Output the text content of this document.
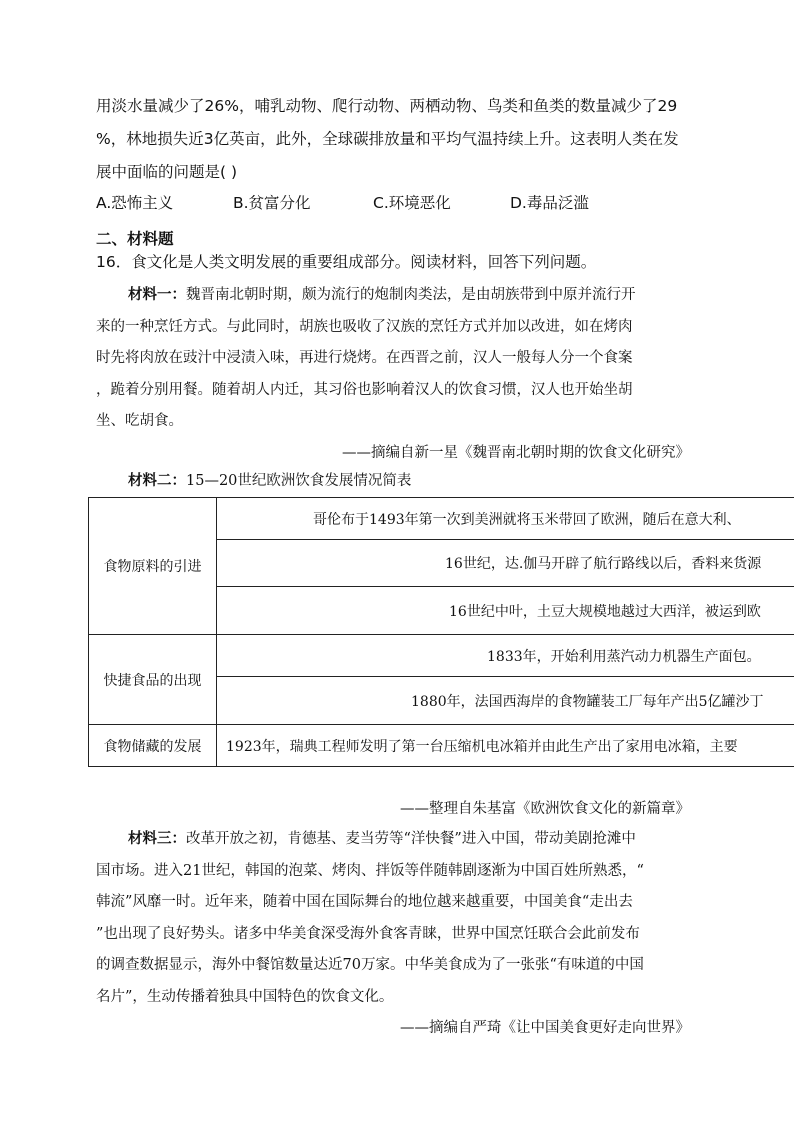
用淡水量减少了26%，哺乳动物、爬行动物、两栖动物、鸟类和鱼类的数量减少了29
%，林地损失近3亿英亩，此外，全球碳排放量和平均气温持续上升。这表明人类在发
展中面临的问题是( )
A.恐怖主义	B.贫富分化	C.环境恶化	D.毒品泛滥
二、材料题
16．食文化是人类文明发展的重要组成部分。阅读材料，回答下列问题。
材料一：魏晋南北朝时期，颇为流行的炮制肉类法，是由胡族带到中原并流行开
来的一种烹饪方式。与此同时，胡族也吸收了汉族的烹饪方式并加以改进，如在烤肉
时先将肉放在豉汁中浸渍入味，再进行烧烤。在西晋之前，汉人一般每人分一个食案
，跪着分别用餐。随着胡人内迁，其习俗也影响着汉人的饮食习惯，汉人也开始坐胡
坐、吃胡食。
——摘编自新一星《魏晋南北朝时期的饮食文化研究》
材料二：15—20世纪欧洲饮食发展情况简表
食物原料的引进	哥伦布于1493年第一次到美洲就将玉米带回了欧洲，随后在意大利、
	16世纪，达.伽马开辟了航行路线以后，香料来货源
	16世纪中叶，土豆大规模地越过大西洋，被运到欧
快捷食品的出现	1833年，开始利用蒸汽动力机器生产面包。
	1880年，法国西海岸的食物罐装工厂每年产出5亿罐沙丁
食物储藏的发展	1923年，瑞典工程师发明了第一台压缩机电冰箱并由此生产出了家用电冰箱，主要
——整理自朱基富《欧洲饮食文化的新篇章》
材料三：改革开放之初，肯德基、麦当劳等“洋快餐”进入中国，带动美剧抢滩中
国市场。进入21世纪，韩国的泡菜、烤肉、拌饭等伴随韩剧逐渐为中国百姓所熟悉，“
韩流”风靡一时。近年来，随着中国在国际舞台的地位越来越重要，中国美食“走出去
”也出现了良好势头。诸多中华美食深受海外食客青睐，世界中国烹饪联合会此前发布
的调查数据显示，海外中餐馆数量达近70万家。中华美食成为了一张张“有味道的中国
名片”，生动传播着独具中国特色的饮食文化。
——摘编自严琦《让中国美食更好走向世界》
